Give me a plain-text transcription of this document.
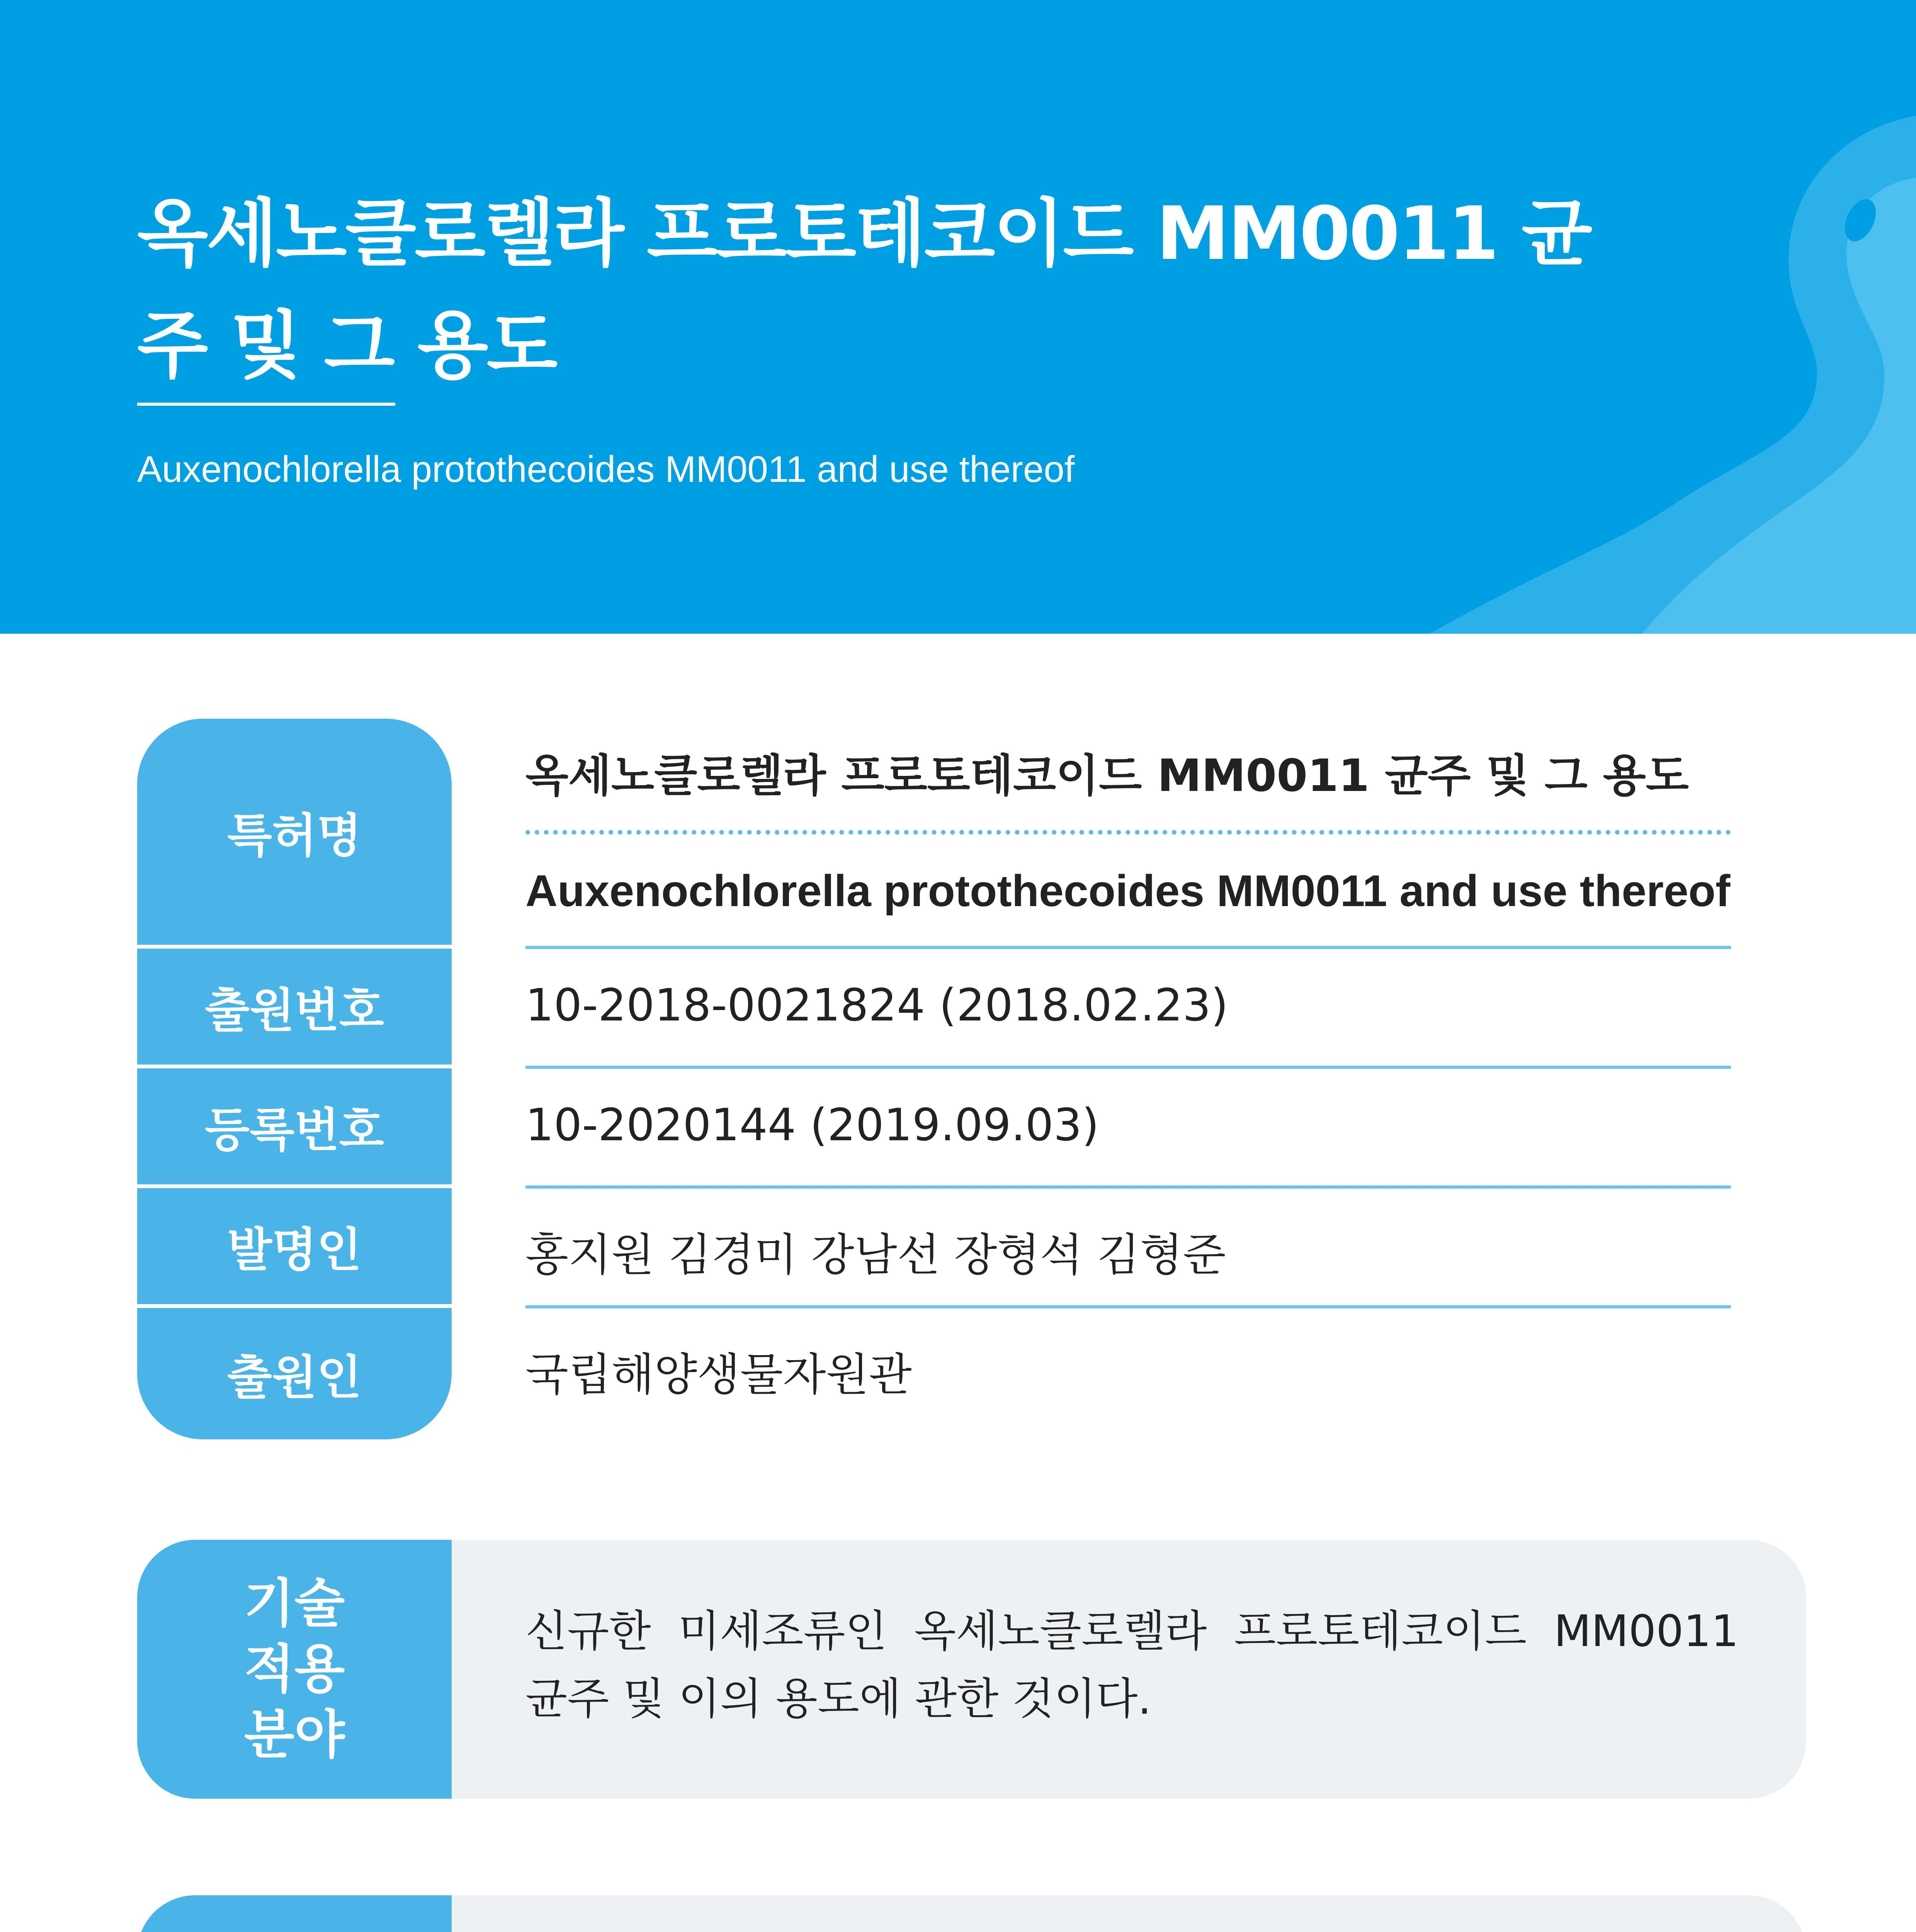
옥세노클로렐라 프로토테코이드 MM0011 균주 및 그 용도
Auxenochlorella protothecoides MM0011 and use thereof
특허명
출원번호
등록번호
발명인
출원인
옥세노클로렐라 프로토테코이드 MM0011 균주 및 그 용도
Auxenochlorella protothecoides MM0011 and use thereof
10-2018-0021824 (2018.02.23)
10-2020144 (2019.09.03)
홍지원 김경미 강남선 장형석 김형준
국립해양생물자원관
기술
적용
분야
신규한 미세조류인 옥세노클로렐라 프로토테코이드 MM0011 균주 및 이의 용도에 관한 것이다.
